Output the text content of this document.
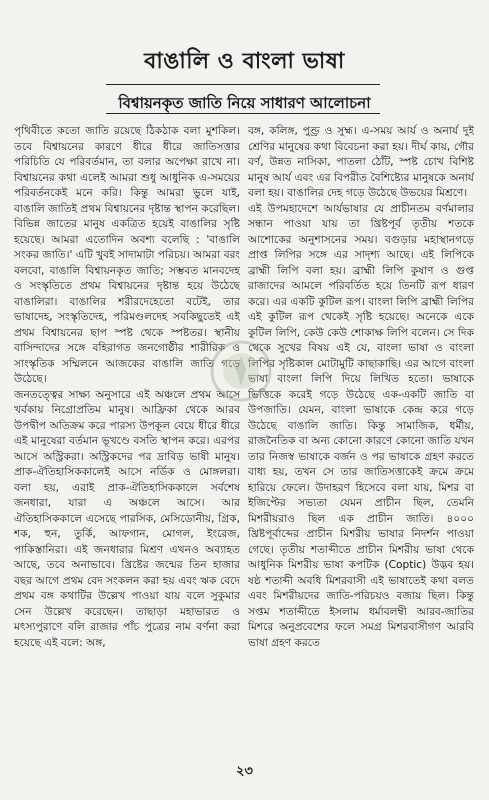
বাঙালি ও বাংলা ভাষা
বিশ্বায়নকৃত জাতি নিয়ে সাধারণ আলোচনা

পৃথিবীতে কতো জাতি রয়েছে ঠিকঠাক বলা মুশকিল। তবে বিশ্বায়নের কারণে ধীরে ধীরে জাতিসত্তার পরিচিতি যে পরিবর্তমান, তা বলার অপেক্ষা রাখে না। বিশ্বায়নের কথা এলেই আমরা শুধু আধুনিক এ-সময়ের পরিবর্তনকেই মনে করি। কিন্তু আমরা ভুলে যাই, বাঙালি জাতিই প্রথম বিশ্বায়নের দৃষ্টান্ত স্থাপন করেছিল। বিভিন্ন জাতের মানুষ একত্রিত হয়েই বাঙালির সৃষ্টি হয়েছে। আমরা এতোদিন অবশ্য বলেছি : 'বাঙালি সংকর জাতি।' এটি খুবই সাদামাটা পরিচয়। আমরা বরং বলবো, বাঙালি বিশ্বায়নকৃত জাতি; সম্ভবত মানবদেহ ও সংস্কৃতিতে প্রথম বিশ্বায়নের দৃষ্টান্ত হয়ে উঠেছে বাঙালিরা। বাঙালির শরীরদেহেতো বটেই, তার ভাষাদেহ, সংস্কৃতিদেহ, পরিমণ্ডলদেহ সবকিছুতেই এই প্রথম বিশ্বায়নের ছাপ স্পষ্ট থেকে স্পষ্টতর। স্থানীয় বাসিন্দাদের সঙ্গে বহিরাগত জনগোষ্ঠীর শারীরিক ও সাংস্কৃতিক সম্মিলনে আজকের বাঙালি জাতি গড়ে উঠেছে।

জনতত্ত্বের সাক্ষ্য অনুসারে এই অঞ্চলে প্রথম আসে খর্বকায় নিগ্রোপ্রতিম মানুষ। আফ্রিকা থেকে আরব উপদ্বীপ অতিক্রম করে পারস্য উপকূল বেয়ে ধীরে ধীরে এই মানুষেরা বর্তমান ভূখণ্ডে বসতি স্থাপন করে। এরপর আসে অস্ট্রিকরা। অস্ট্রিকদের পর দ্রাবিড় ভাষী মানুষ। প্রাক-ঐতিহাসিককালেই আসে নর্ডিক ও মোঙ্গলরা। বলা হয়, এরাই প্রাক-ঐতিহাসিককালে সর্বশেষ জনধারা, যারা এ অঞ্চলে আসে। আর ঐতিহাসিককালে এসেছে পারসিক, মেসিডোনীয়, গ্রিক, শক, হুন, তুর্কি, আফগান, মোগল, ইংরেজ, পাকিস্তানিরা। এই জনধারার মিশ্রণ এখনও অব্যাহত আছে, তবে অনাভাবে। খ্রিষ্টের জন্মের তিন হাজার বছর আগে প্রথম বেদ সংকলন করা হয় এবং ঋক বেদে প্রথম বঙ্গ কথাটির উল্লেখ পাওয়া যায় বলে সুকুমার সেন উল্লেখ করেছেন। তাছাড়া মহাভারত ও মৎস্যপুরাণে বলি রাজার পাঁচ পুত্রের নাম বর্ণনা করা হয়েছে এই বলে: অঙ্গ,

বঙ্গ, কলিঙ্গ, পুণ্ড্র ও সুহ্ম। এ-সময় আর্য ও অনার্য দুই শ্রেণির মানুষের কথা বিবেচনা করা হয়। দীর্ঘ কায়, গৌর বর্ণ, উন্নত নাসিকা, পাতলা ঠোঁট, স্পষ্ট চোখ বিশিষ্ট মানুষ আর্য এবং এর বিপরীত বৈশিষ্ট্যের মানুষকে অনার্য বলা হয়। বাঙালির দেহ গড়ে উঠেছে উভয়ের মিশ্রণে।

এই উপমহাদেশে আর্যভাষার যে প্রাচীনতম বর্ণমালার সন্ধান পাওয়া যায় তা খ্রিষ্টপূর্ব তৃতীয় শতকে আশোকের অনুশাসনের সময়। বগুড়ার মহাস্থানগড়ে প্রাপ্ত লিপির সঙ্গে এর সাদৃশ্য আছে। এই লিপিকে ব্রাহ্মী লিপি বলা হয়। ব্রাহ্মী লিপি কুষাণ ও গুপ্ত রাজাদের আমলে পরিবর্তিত হয়ে তিনটি রূপ ধারণ করে। এর একটি কুটিল রূপ। বাংলা লিপি ব্রাহ্মী লিপির এই কুটিল রূপ থেকেই সৃষ্টি হয়েছে। অনেকে একে কুটিল লিপি, কেউ কেউ শোকাক্ষ লিপি বলেন। সে দিক থেকে সুখের বিষয় এই যে, বাংলা ভাষা ও বাংলা লিপির সৃষ্টিকাল মোটামুটি কাছাকাছি। এর আগে বাংলা ভাষা বাংলা লিপি দিয়ে লিখিত হতো। ভাষাকে ভিত্তিকে করেই গড়ে উঠেছে এক-একটি জাতি বা উপজাতি। যেমন, বাংলা ভাষাকে কেন্দ্র করে গড়ে উঠেছে বাঙালি জাতি। কিন্তু সামাজিক, ধর্মীয়, রাজনৈতিক বা অন্য কোনো কারণে কোনো জাতি যখন তার নিজস্ব ভাষাকে বর্জন ও পর ভাষাকে গ্রহণ করতে বাধ্য হয়, তখন সে তার জাতিসত্তাকেই ক্রমে ক্রমে হারিয়ে ফেলে। উদাহরণ হিসেবে বলা যায়, মিশর বা ইজিপ্টের সভ্যতা যেমন প্রাচীন ছিল, তেমনি মিশরীয়রাও ছিল এক প্রাচীন জাতি। ৪০০০ খ্রিষ্টপূর্বাব্দের প্রাচীন মিশরীয় ভাষার নিদর্শন পাওয়া গেছে। তৃতীয় শতাব্দীতে প্রাচীন মিশরীয় ভাষা থেকে আধুনিক মিশরীয় ভাষা কপটিক (Coptic) উদ্ভব হয়। ষষ্ঠ শতাব্দী অবধি মিশরবাসী এই ভাষাতেই কথা বলত এবং মিশরীয়দের জাতি-পরিচয়ও বজায় ছিল। কিন্তু সপ্তম শতাব্দীতে ইসলাম ধর্মাবলম্বী আরব-জাতির মিশরে অনুপ্রবেশের ফলে সমগ্র মিশরবাসীগণ আরবি ভাষা গ্রহণ করতে

২৩
